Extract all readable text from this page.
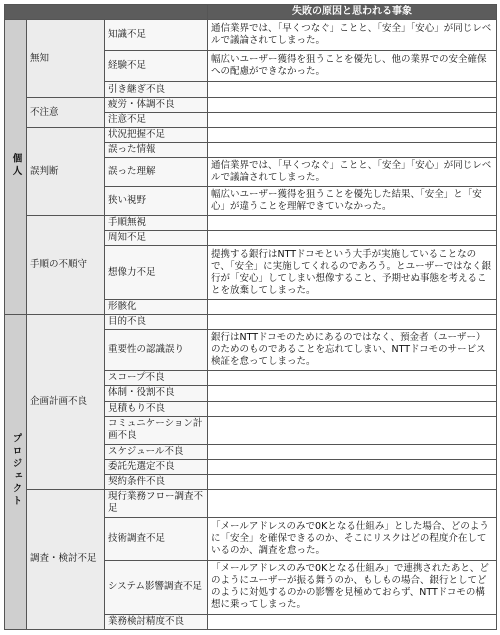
			失敗の原因と思われる事象
個人	無知	知識不足	通信業界では、「早くつなぐ」ことと、「安全」「安心」が同じレベルで議論されてしまった。
		経験不足	幅広いユーザー獲得を狙うことを優先し、他の業界での安全確保への配慮ができなかった。
		引き継ぎ不良	
	不注意	疲労・体調不良	
		注意不足	
	誤判断	状況把握不足	
		誤った情報	
		誤った理解	通信業界では、「早くつなぐ」ことと、「安全」「安心」が同じレベルで議論されてしまった。
		狭い視野	幅広いユーザー獲得を狙うことを優先した結果、「安全」と「安心」が違うことを理解できていなかった。
	手順の不順守	手順無視	
		周知不足	
		想像力不足	提携する銀行はNTTドコモという大手が実施していることなので、「安全」に実施してくれるのであろう。とユーザーではなく銀行が「安心」してしまい想像すること、予期せぬ事態を考えることを放棄してしまった。
		形骸化	
プロジェクト	企画計画不良	目的不良	
		重要性の認識誤り	銀行はNTTドコモのためにあるのではなく、預金者（ユーザー）のためのものであることを忘れてしまい、NTTドコモのサービス検証を怠ってしまった。
		スコープ不良	
		体制・役割不良	
		見積もり不良	
		コミュニケーション計画不良	
		スケジュール不良	
		委託先選定不良	
		契約条件不良	
	調査・検討不足	現行業務フロー調査不足	
		技術調査不足	「メールアドレスのみで0Kとなる仕組み」とした場合、どのように「安全」を確保できるのか、そこにリスクはどの程度介在しているのか、調査を怠った。
		システム影響調査不足	「メールアドレスのみで0Kとなる仕組み」で連携されたあと、どのようにユーザーが振る舞うのか、もしもの場合、銀行としてどのように対処するのかの影響を見極めておらず、NTTドコモの構想に乗ってしまった。
		業務検討精度不良	
